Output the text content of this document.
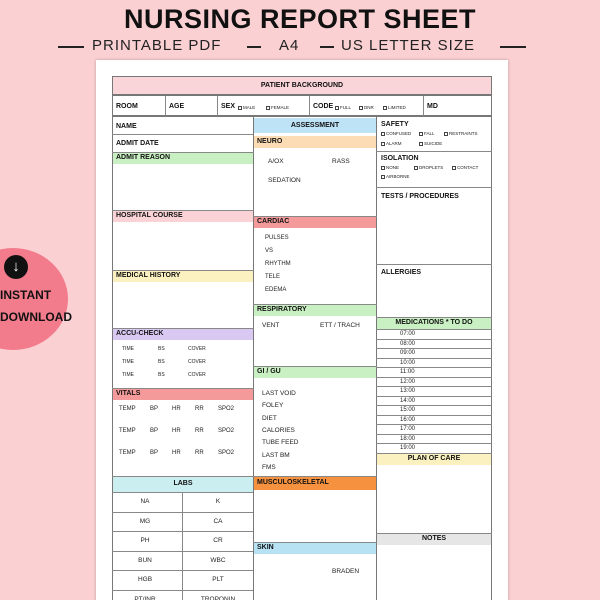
NURSING REPORT SHEET
PRINTABLE PDF	A4	US LETTER SIZE
PATIENT BACKGROUND
ROOM	AGE	SEX	MALE	FEMALE	CODE	FULL	DNR	LIMITED	MD
NAME
ADMIT DATE
ADMIT REASON
HOSPITAL COURSE
MEDICAL HISTORY
ACCU-CHECK
TIME	BS	COVER
TIME	BS	COVER
TIME	BS	COVER
VITALS
TEMP BP HR RR SPO2
TEMP BP HR RR SPO2
TEMP BP HR RR SPO2
LABS
NA	K
MG	CA
PH	CR
BUN	WBC
HGB	PLT
PT/INR	TROPONIN
ASSESSMENT
NEURO
A/OX	RASS
SEDATION
CARDIAC
PULSES
VS
RHYTHM
TELE
EDEMA
RESPIRATORY
VENT	ETT / TRACH
GI / GU
LAST VOID
FOLEY
DIET
CALORIES
TUBE FEED
LAST BM
FMS
MUSCULOSKELETAL
SKIN
BRADEN
SAFETY
CONFUSED	FALL	RESTRAINTS
ALARM	SUICIDE
ISOLATION
NONE	DROPLETS	CONTACT
AIRBORNE
TESTS / PROCEDURES
ALLERGIES
MEDICATIONS * TO DO
07:00
08:00
09:00
10:00
11:00
12:00
13:00
14:00
15:00
16:00
17:00
18:00
19:00
PLAN OF CARE
NOTES
↓
INSTANT
DOWNLOAD
